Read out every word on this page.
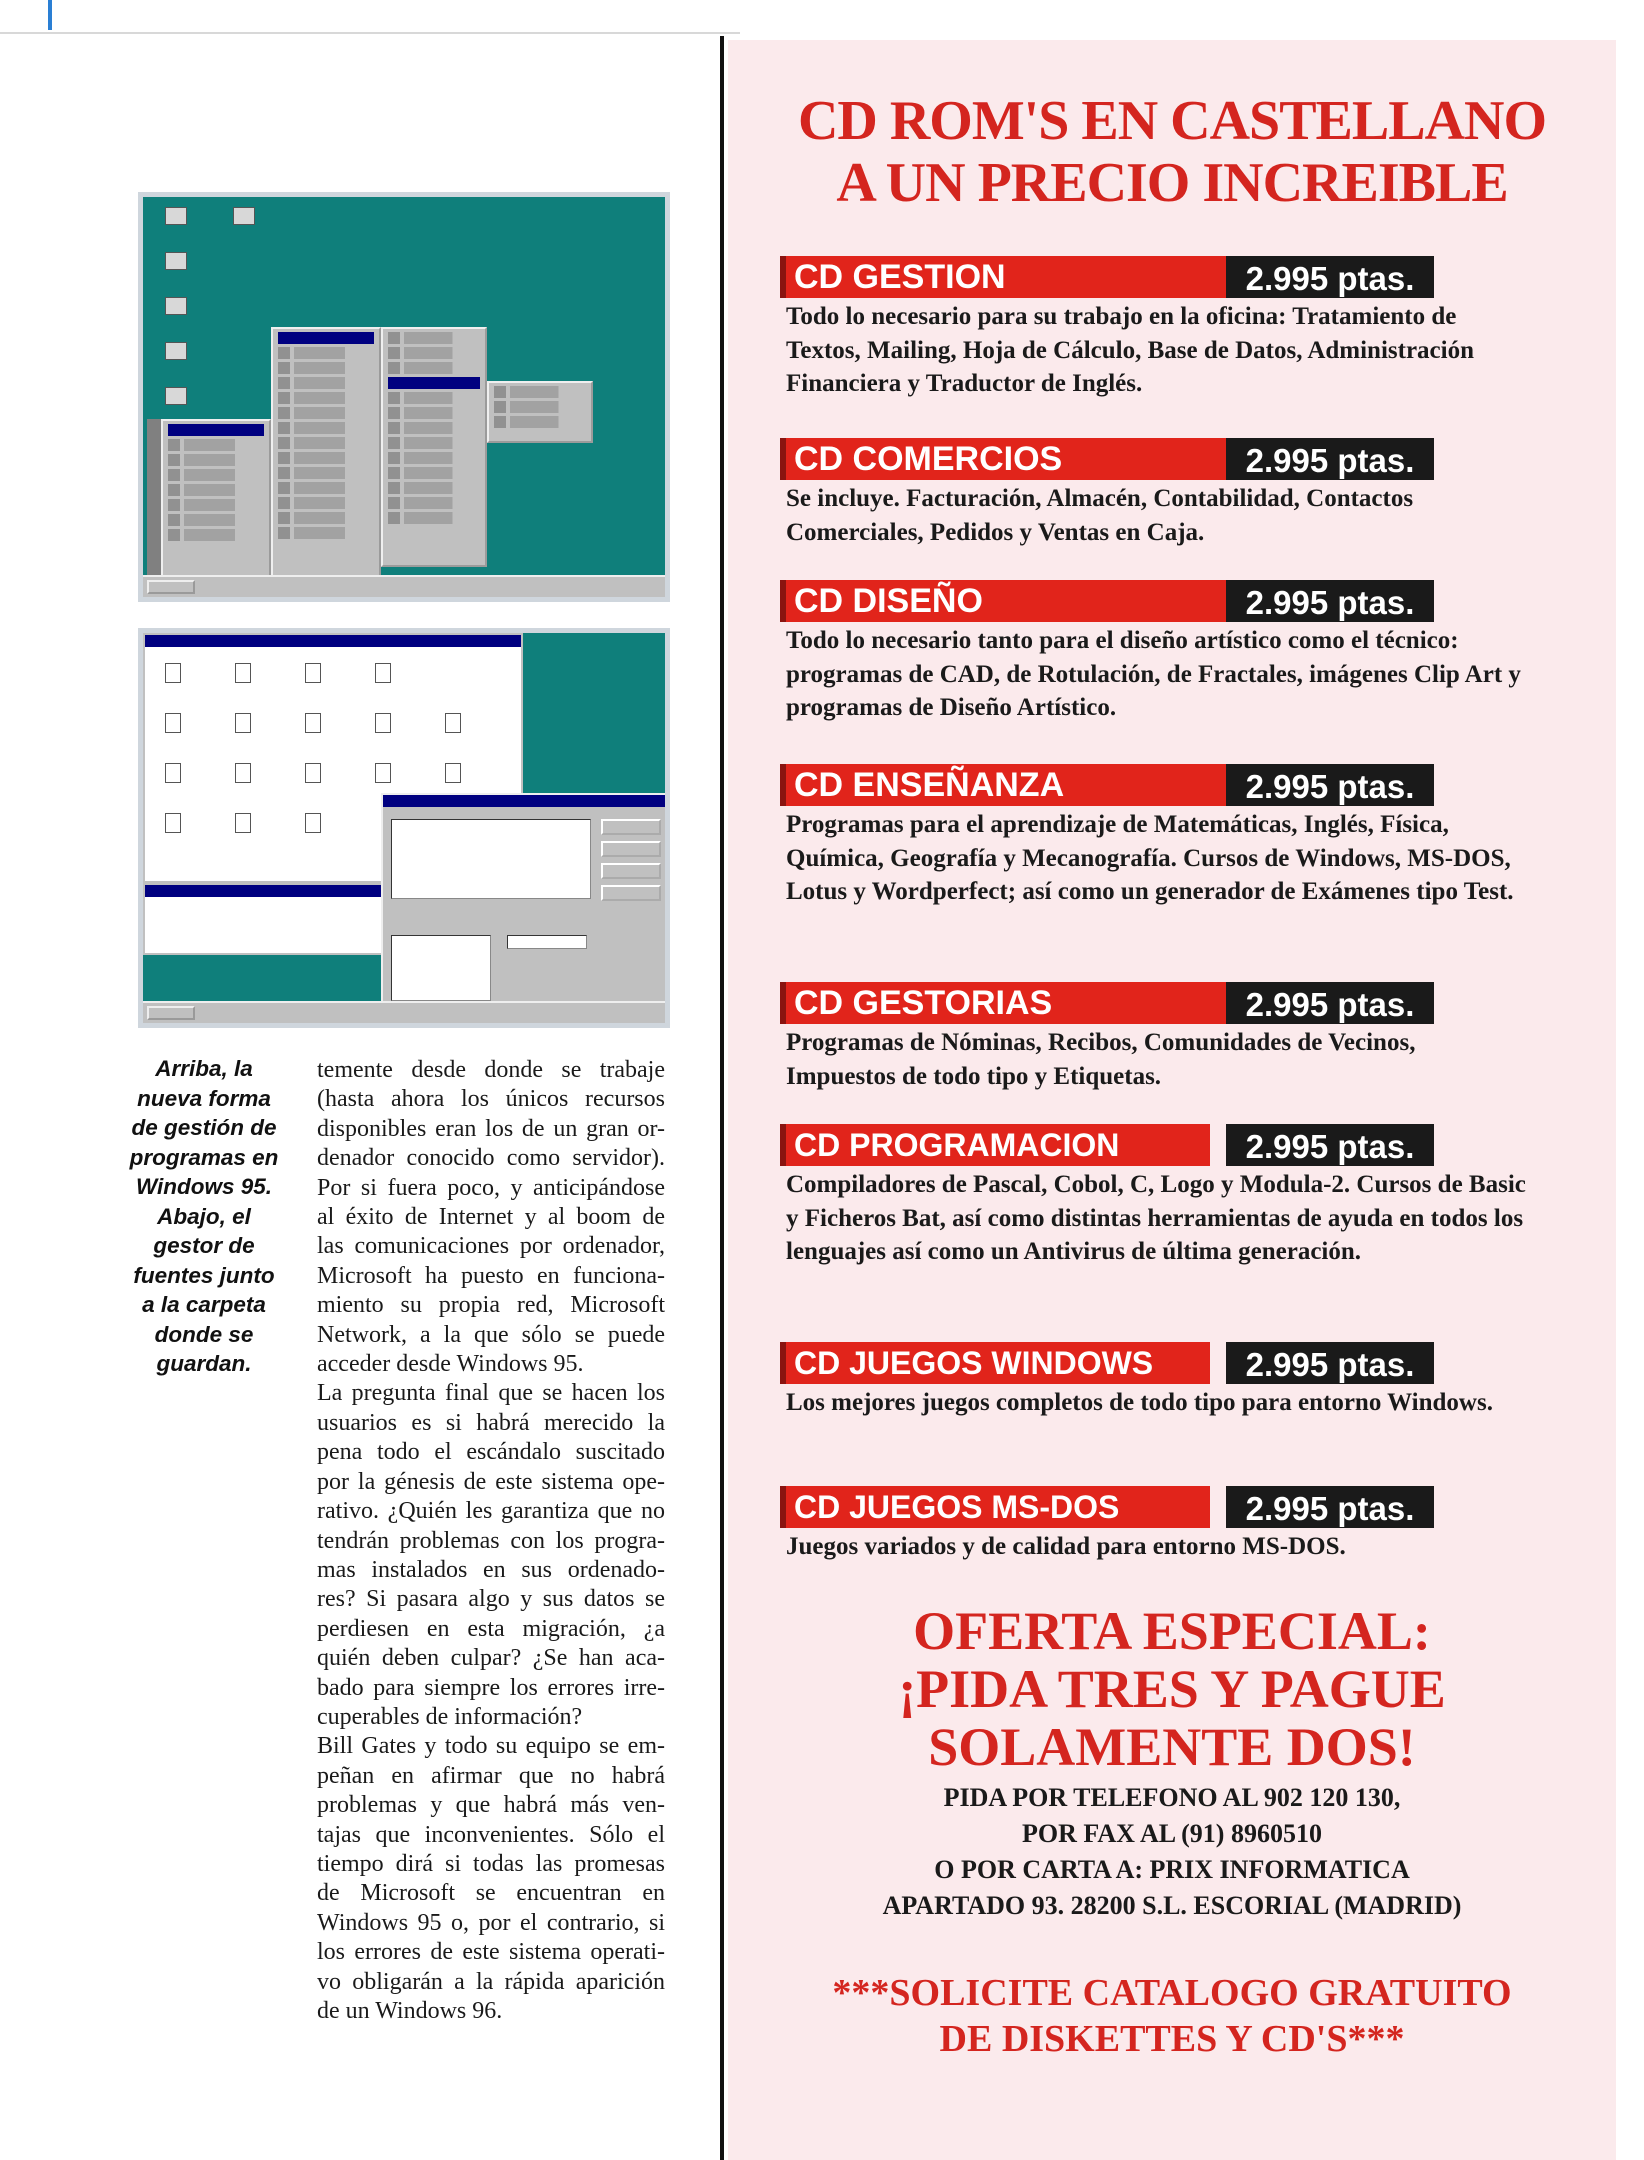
Arriba, la

nueva forma

de gestión de

programas en

Windows 95.

Abajo, el

gestor de

fuentes junto

a la carpeta

donde se

guardan.

temente desde donde se trabaje
(hasta ahora los únicos recursos
disponibles eran los de un gran or-
denador conocido como servidor).
Por si fuera poco, y anticipándose
al éxito de Internet y al boom de
las comunicaciones por ordenador,
Microsoft ha puesto en funciona-
miento su propia red, Microsoft
Network, a la que sólo se puede
acceder desde Windows 95.
La pregunta final que se hacen los
usuarios es si habrá merecido la
pena todo el escándalo suscitado
por la génesis de este sistema ope-
rativo. ¿Quién les garantiza que no
tendrán problemas con los progra-
mas instalados en sus ordenado-
res? Si pasara algo y sus datos se
perdiesen en esta migración, ¿a
quién deben culpar? ¿Se han aca-
bado para siempre los errores irre-
cuperables de información?
Bill Gates y todo su equipo se em-
peñan en afirmar que no habrá
problemas y que habrá más ven-
tajas que inconvenientes. Sólo el
tiempo dirá si todas las promesas
de Microsoft se encuentran en
Windows 95 o, por el contrario, si
los errores de este sistema operati-
vo obligarán a la rápida aparición
de un Windows 96.
CD ROM'S EN CASTELLANO
A UN PRECIO INCREIBLE
CD GESTION	2.995 ptas.
Todo lo necesario para su trabajo en la oficina: Tratamiento de Textos, Mailing, Hoja de Cálculo, Base de Datos, Administración Financiera y Traductor de Inglés.
CD COMERCIOS	2.995 ptas.
Se incluye. Facturación, Almacén, Contabilidad, Contactos Comerciales, Pedidos y Ventas en Caja.
CD DISEÑO	2.995 ptas.
Todo lo necesario tanto para el diseño artístico como el técnico: programas de CAD, de Rotulación, de Fractales, imágenes Clip Art y programas de Diseño Artístico.
CD ENSEÑANZA	2.995 ptas.
Programas para el aprendizaje de Matemáticas, Inglés, Física, Química, Geografía y Mecanografía. Cursos de Windows, MS-DOS, Lotus y Wordperfect; así como un generador de Exámenes tipo Test.
CD GESTORIAS	2.995 ptas.
Programas de Nóminas, Recibos, Comunidades de Vecinos, Impuestos de todo tipo y Etiquetas.
CD PROGRAMACION	2.995 ptas.
Compiladores de Pascal, Cobol, C, Logo y Modula-2. Cursos de Basic y Ficheros Bat, así como distintas herramientas de ayuda en todos los lenguajes así como un Antivirus de última generación.
CD JUEGOS WINDOWS	2.995 ptas.
Los mejores juegos completos de todo tipo para entorno Windows.
CD JUEGOS MS-DOS	2.995 ptas.
Juegos variados y de calidad para entorno MS-DOS.

OFERTA ESPECIAL:

¡PIDA TRES Y PAGUE

SOLAMENTE DOS!

PIDA POR TELEFONO AL 902 120 130,

POR FAX AL (91) 8960510

O POR CARTA A: PRIX INFORMATICA

APARTADO 93. 28200 S.L. ESCORIAL (MADRID)

***SOLICITE CATALOGO GRATUITO

DE DISKETTES Y CD'S***
